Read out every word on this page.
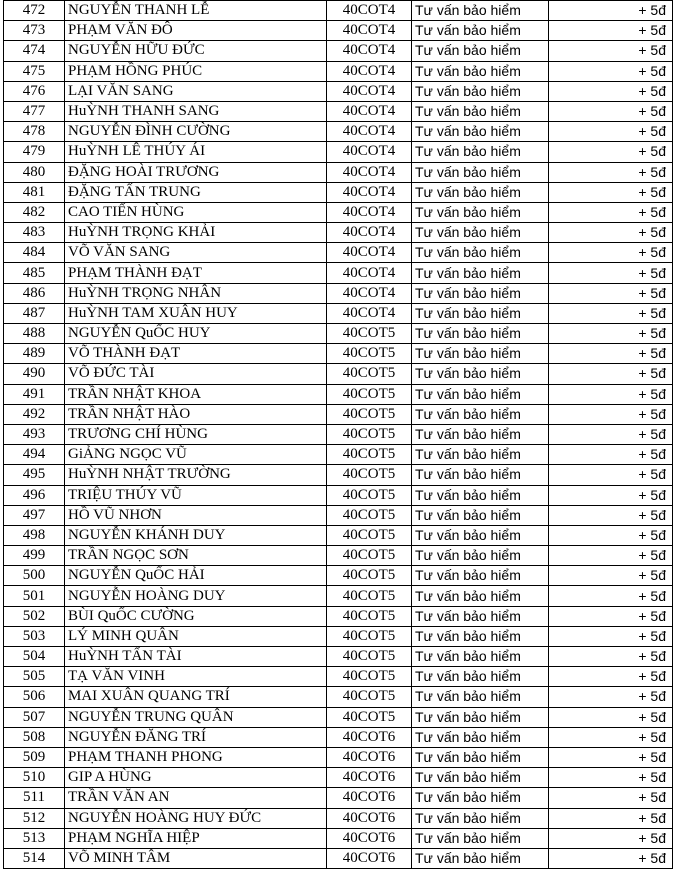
472	NGUYỄN THANH LỄ	40COT4	Tư vấn bảo hiểm	+ 5đ
473	PHẠM VĂN ĐÔ	40COT4	Tư vấn bảo hiểm	+ 5đ
474	NGUYỄN HỮU ĐỨC	40COT4	Tư vấn bảo hiểm	+ 5đ
475	PHẠM HỒNG PHÚC	40COT4	Tư vấn bảo hiểm	+ 5đ
476	LẠI VĂN SANG	40COT4	Tư vấn bảo hiểm	+ 5đ
477	HuỲNH THANH SANG	40COT4	Tư vấn bảo hiểm	+ 5đ
478	NGUYỄN ĐÌNH CƯỜNG	40COT4	Tư vấn bảo hiểm	+ 5đ
479	HuỲNH LÊ THÚY ÁI	40COT4	Tư vấn bảo hiểm	+ 5đ
480	ĐẶNG HOÀI TRƯƠNG	40COT4	Tư vấn bảo hiểm	+ 5đ
481	ĐẶNG TẤN TRUNG	40COT4	Tư vấn bảo hiểm	+ 5đ
482	CAO TIẾN HÙNG	40COT4	Tư vấn bảo hiểm	+ 5đ
483	HuỲNH TRỌNG KHẢI	40COT4	Tư vấn bảo hiểm	+ 5đ
484	VÕ VĂN SANG	40COT4	Tư vấn bảo hiểm	+ 5đ
485	PHẠM THÀNH ĐẠT	40COT4	Tư vấn bảo hiểm	+ 5đ
486	HuỲNH TRỌNG NHÂN	40COT4	Tư vấn bảo hiểm	+ 5đ
487	HuỲNH TAM XUÂN HUY	40COT4	Tư vấn bảo hiểm	+ 5đ
488	NGUYỄN QuỐC HUY	40COT5	Tư vấn bảo hiểm	+ 5đ
489	VÕ THÀNH ĐẠT	40COT5	Tư vấn bảo hiểm	+ 5đ
490	VÕ ĐỨC TÀI	40COT5	Tư vấn bảo hiểm	+ 5đ
491	TRẦN NHẬT KHOA	40COT5	Tư vấn bảo hiểm	+ 5đ
492	TRẦN NHẬT HÀO	40COT5	Tư vấn bảo hiểm	+ 5đ
493	TRƯƠNG CHÍ HÙNG	40COT5	Tư vấn bảo hiểm	+ 5đ
494	GiẢNG NGỌC VŨ	40COT5	Tư vấn bảo hiểm	+ 5đ
495	HuỲNH NHẬT TRƯỜNG	40COT5	Tư vấn bảo hiểm	+ 5đ
496	TRIỆU THÚY VŨ	40COT5	Tư vấn bảo hiểm	+ 5đ
497	HỒ VŨ NHƠN	40COT5	Tư vấn bảo hiểm	+ 5đ
498	NGUYỄN KHÁNH DUY	40COT5	Tư vấn bảo hiểm	+ 5đ
499	TRẦN NGỌC SƠN	40COT5	Tư vấn bảo hiểm	+ 5đ
500	NGUYỄN QuỐC HẢI	40COT5	Tư vấn bảo hiểm	+ 5đ
501	NGUYỄN HOÀNG DUY	40COT5	Tư vấn bảo hiểm	+ 5đ
502	BÙI QuỐC CƯỜNG	40COT5	Tư vấn bảo hiểm	+ 5đ
503	LÝ MINH QUÂN	40COT5	Tư vấn bảo hiểm	+ 5đ
504	HuỲNH TẤN TÀI	40COT5	Tư vấn bảo hiểm	+ 5đ
505	TẠ VĂN VINH	40COT5	Tư vấn bảo hiểm	+ 5đ
506	MAI XUÂN QUANG TRÍ	40COT5	Tư vấn bảo hiểm	+ 5đ
507	NGUYỄN TRUNG QUÂN	40COT5	Tư vấn bảo hiểm	+ 5đ
508	NGUYỄN ĐĂNG TRÍ	40COT6	Tư vấn bảo hiểm	+ 5đ
509	PHẠM THANH PHONG	40COT6	Tư vấn bảo hiểm	+ 5đ
510	GIP A HÙNG	40COT6	Tư vấn bảo hiểm	+ 5đ
511	TRẦN VĂN AN	40COT6	Tư vấn bảo hiểm	+ 5đ
512	NGUYỄN HOÀNG HUY ĐỨC	40COT6	Tư vấn bảo hiểm	+ 5đ
513	PHẠM NGHĨA HIỆP	40COT6	Tư vấn bảo hiểm	+ 5đ
514	VÕ MINH TÂM	40COT6	Tư vấn bảo hiểm	+ 5đ
